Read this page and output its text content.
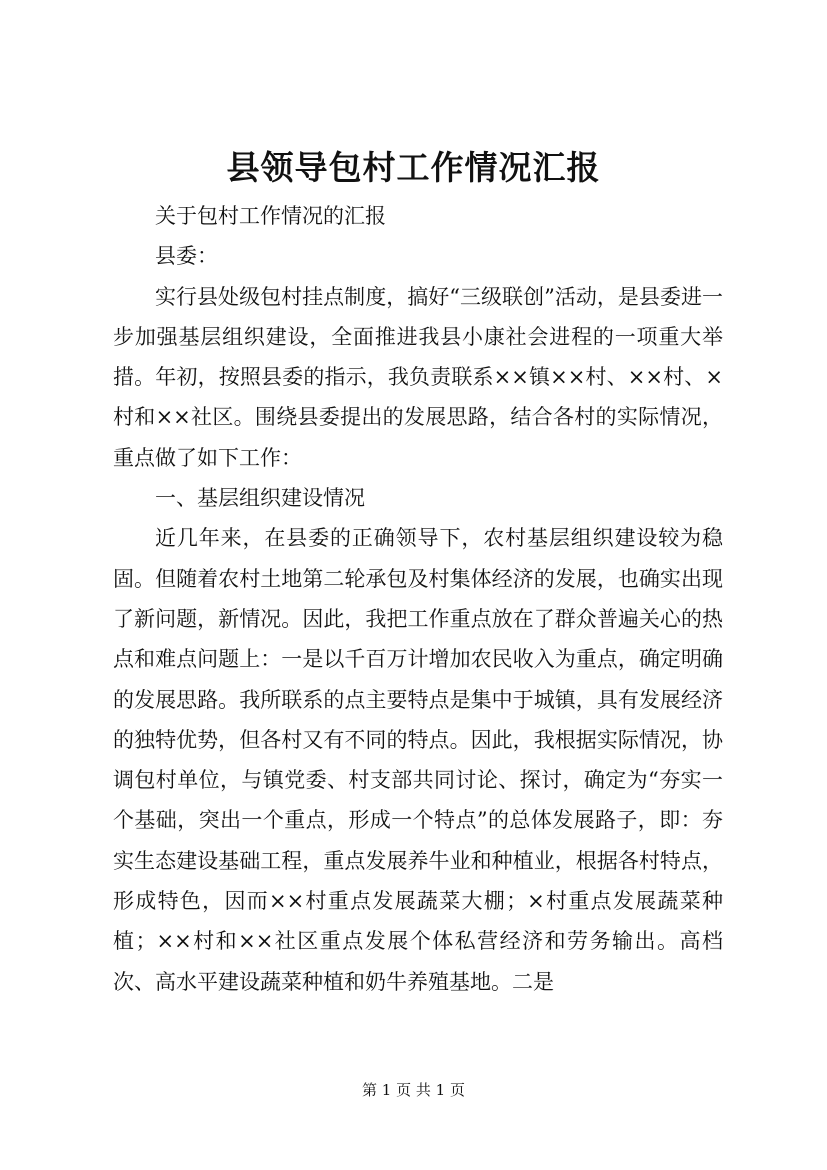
县领导包村工作情况汇报

关于包村工作情况的汇报

县委：

实行县处级包村挂点制度，搞好“三级联创”活动，是县委进一步加强基层组织建设，全面推进我县小康社会进程的一项重大举措。年初，按照县委的指示，我负责联系××镇××村、××村、×村和××社区。围绕县委提出的发展思路，结合各村的实际情况，重点做了如下工作：

一、基层组织建设情况

近几年来，在县委的正确领导下，农村基层组织建设较为稳固。但随着农村土地第二轮承包及村集体经济的发展，也确实出现了新问题，新情况。因此，我把工作重点放在了群众普遍关心的热点和难点问题上：一是以千百万计增加农民收入为重点，确定明确的发展思路。我所联系的点主要特点是集中于城镇，具有发展经济的独特优势，但各村又有不同的特点。因此，我根据实际情况，协调包村单位，与镇党委、村支部共同讨论、探讨，确定为“夯实一个基础，突出一个重点，形成一个特点”的总体发展路子，即：夯实生态建设基础工程，重点发展养牛业和种植业，根据各村特点，形成特色，因而××村重点发展蔬菜大棚；×村重点发展蔬菜种植；××村和××社区重点发展个体私营经济和劳务输出。高档次、高水平建设蔬菜种植和奶牛养殖基地。二是

第 1 页 共 1 页
